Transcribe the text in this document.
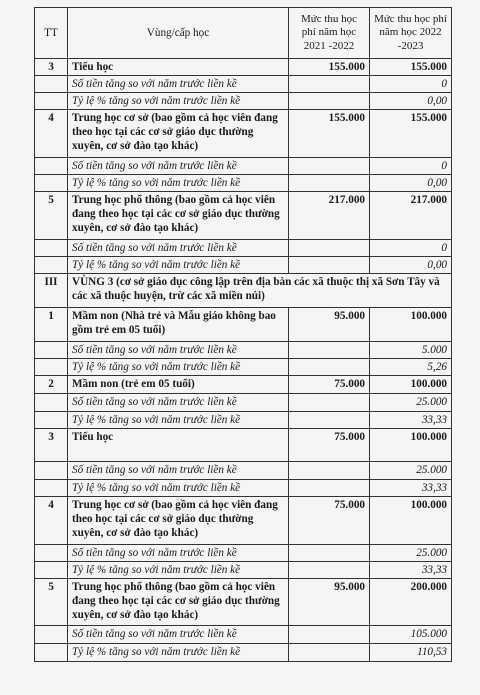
TT	Vùng/cấp học	Mức thu học phí năm học 2021 -2022	Mức thu học phí năm học 2022 -2023
3	Tiểu học	155.000	155.000
	Số tiền tăng so với năm trước liền kề		0
	Tỷ lệ % tăng so với năm trước liền kề		0,00
4	Trung học cơ sở (bao gồm cả học viên đang theo học tại các cơ sở giáo dục thường xuyên, cơ sở đào tạo khác)	155.000	155.000
	Số tiền tăng so với năm trước liền kề		0
	Tỷ lệ % tăng so với năm trước liền kề		0,00
5	Trung học phổ thông (bao gồm cả học viên đang theo học tại các cơ sở giáo dục thường xuyên, cơ sở đào tạo khác)	217.000	217.000
	Số tiền tăng so với năm trước liền kề		0
	Tỷ lệ % tăng so với năm trước liền kề		0,00
III	VÙNG 3 (cơ sở giáo dục công lập trên địa bàn các xã thuộc thị xã Sơn Tây và các xã thuộc huyện, trừ các xã miền núi)		
1	Mầm non (Nhà trẻ và Mẫu giáo không bao gồm trẻ em 05 tuổi)	95.000	100.000
	Số tiền tăng so với năm trước liền kề		5.000
	Tỷ lệ % tăng so với năm trước liền kề		5,26
2	Mầm non (trẻ em 05 tuổi)	75.000	100.000
	Số tiền tăng so với năm trước liền kề		25.000
	Tỷ lệ % tăng so với năm trước liền kề		33,33
3	Tiểu học	75.000	100.000
	Số tiền tăng so với năm trước liền kề		25.000
	Tỷ lệ % tăng so với năm trước liền kề		33,33
4	Trung học cơ sở (bao gồm cả học viên đang theo học tại các cơ sở giáo dục thường xuyên, cơ sở đào tạo khác)	75.000	100.000
	Số tiền tăng so với năm trước liền kề		25.000
	Tỷ lệ % tăng so với năm trước liền kề		33,33
5	Trung học phổ thông (bao gồm cả học viên đang theo học tại các cơ sở giáo dục thường xuyên, cơ sở đào tạo khác)	95.000	200.000
	Số tiền tăng so với năm trước liền kề		105.000
	Tỷ lệ % tăng so với năm trước liền kề		110,53
